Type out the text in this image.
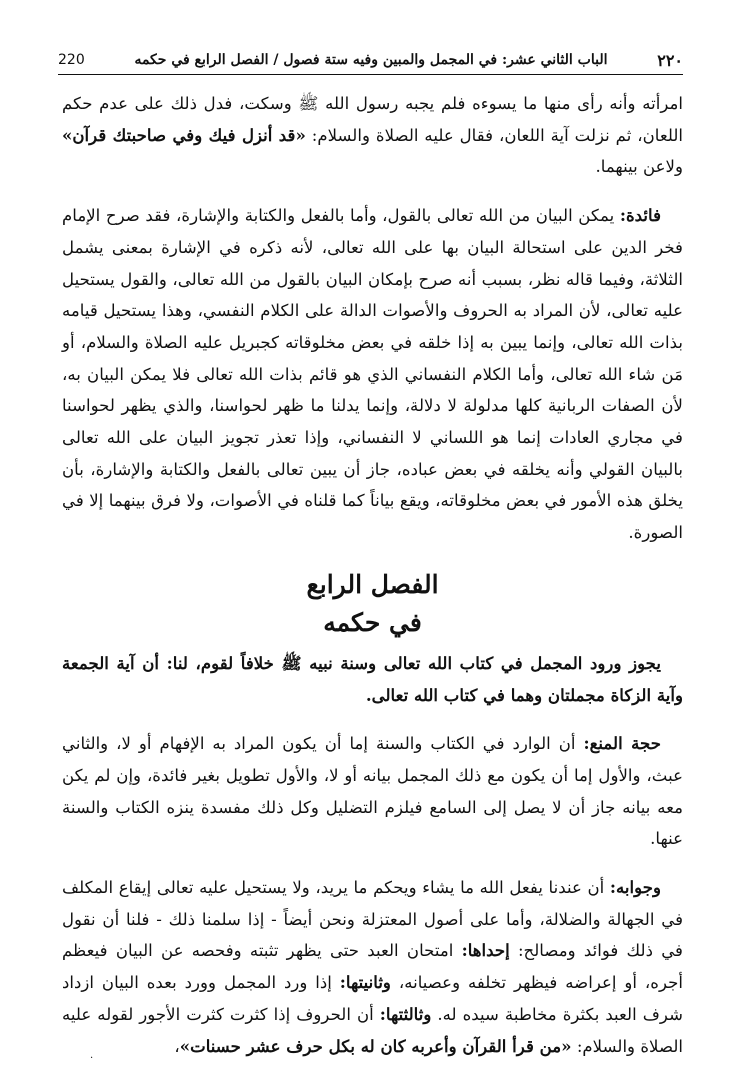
٢٢٠
الباب الثاني عشر: في المجمل والمبين وفيه ستة فصول / الفصل الرابع في حكمه
220

امرأته وأنه رأى منها ما يسوءه فلم يجبه رسول الله ﷺ وسكت، فدل ذلك على عدم حكم اللعان، ثم نزلت آية اللعان، فقال عليه الصلاة والسلام: «قد أنزل فيك وفي صاحبتك قرآن» ولاعن بينهما.

فائدة: يمكن البيان من الله تعالى بالقول، وأما بالفعل والكتابة والإشارة، فقد صرح الإمام فخر الدين على استحالة البيان بها على الله تعالى، لأنه ذكره في الإشارة بمعنى يشمل الثلاثة، وفيما قاله نظر، بسبب أنه صرح بإمكان البيان بالقول من الله تعالى، والقول يستحيل عليه تعالى، لأن المراد به الحروف والأصوات الدالة على الكلام النفسي، وهذا يستحيل قيامه بذات الله تعالى، وإنما يبين به إذا خلقه في بعض مخلوقاته كجبريل عليه الصلاة والسلام، أو مَن شاء الله تعالى، وأما الكلام النفساني الذي هو قائم بذات الله تعالى فلا يمكن البيان به، لأن الصفات الربانية كلها مدلولة لا دلالة، وإنما يدلنا ما ظهر لحواسنا، والذي يظهر لحواسنا في مجاري العادات إنما هو اللساني لا النفساني، وإذا تعذر تجويز البيان على الله تعالى بالبيان القولي وأنه يخلقه في بعض عباده، جاز أن يبين تعالى بالفعل والكتابة والإشارة، بأن يخلق هذه الأمور في بعض مخلوقاته، ويقع بياناً كما قلناه في الأصوات، ولا فرق بينهما إلا في الصورة.

الفصل الرابع
في حكمه

يجوز ورود المجمل في كتاب الله تعالى وسنة نبيه ﷺ خلافاً لقوم، لنا: أن آية الجمعة وآية الزكاة مجملتان وهما في كتاب الله تعالى.

حجة المنع: أن الوارد في الكتاب والسنة إما أن يكون المراد به الإفهام أو لا، والثاني عبث، والأول إما أن يكون مع ذلك المجمل بيانه أو لا، والأول تطويل بغير فائدة، وإن لم يكن معه بيانه جاز أن لا يصل إلى السامع فيلزم التضليل وكل ذلك مفسدة ينزه الكتاب والسنة عنها.

وجوابه: أن عندنا يفعل الله ما يشاء ويحكم ما يريد، ولا يستحيل عليه تعالى إيقاع المكلف في الجهالة والضلالة، وأما على أصول المعتزلة ونحن أيضاً - إذا سلمنا ذلك - فلنا أن نقول في ذلك فوائد ومصالح: إحداها: امتحان العبد حتى يظهر تثبته وفحصه عن البيان فيعظم أجره، أو إعراضه فيظهر تخلفه وعصيانه، وثانيتها: إذا ورد المجمل وورد بعده البيان ازداد شرف العبد بكثرة مخاطبة سيده له. وثالثتها: أن الحروف إذا كثرت كثرت الأجور لقوله عليه الصلاة والسلام: «من قرأ القرآن وأعربه كان له بكل حرف عشر حسنات»،

.
